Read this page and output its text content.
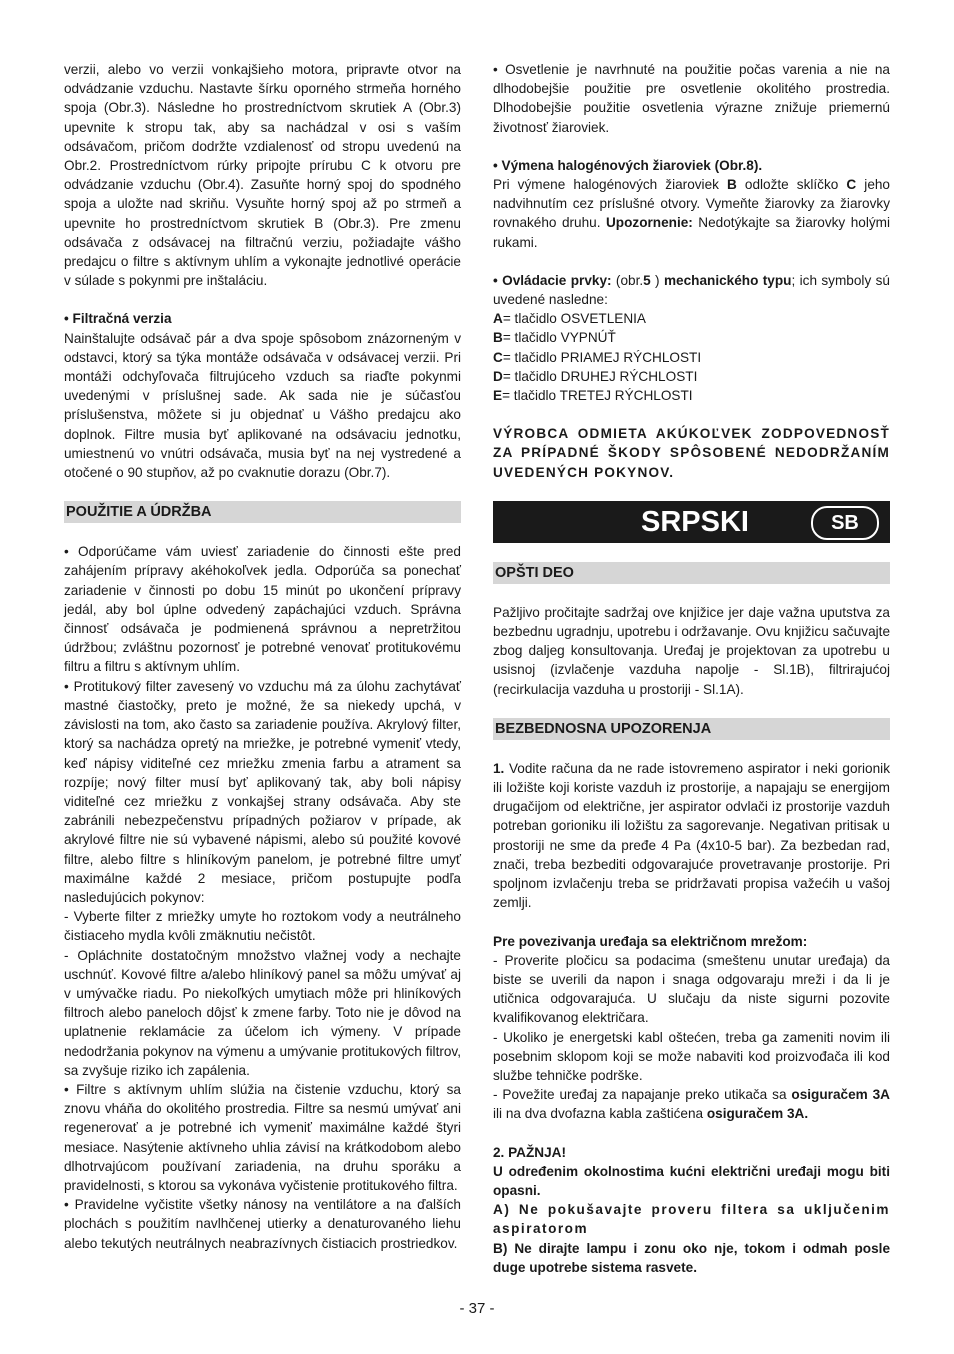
verzii, alebo vo verzii vonkajšieho motora, pripravte otvor na odvádzanie vzduchu. Nastavte šírku oporného strmeňa horného spoja (Obr.3). Následne ho prostredníctvom skrutiek A (Obr.3) upevnite k stropu tak, aby sa nachádzal v osi s vaším odsávačom, pričom dodržte vzdialenosť od stropu uvedenú na Obr.2. Prostredníctvom rúrky pripojte prírubu C k otvoru pre odvádzanie vzduchu (Obr.4). Zasuňte horný spoj do spodného spoja a uložte nad skriňu. Vysuňte horný spoj až po strmeň a upevnite ho prostredníctvom skrutiek B (Obr.3). Pre zmenu odsávača z odsávacej na filtračnú verziu, požiadajte vášho predajcu o filtre s aktívnym uhlím a vykonajte jednotlivé operácie v súlade s pokynmi pre inštaláciu.

• Filtračná verzia

Nainštalujte odsávač pár a dva spoje spôsobom znázorneným v odstavci, ktorý sa týka montáže odsávača v odsávacej verzii. Pri montáži odchyľovača filtrujúceho vzduch sa riaďte pokynmi uvedenými v príslušnej sade. Ak sada nie je súčasťou príslušenstva, môžete si ju objednať u Vášho predajcu ako doplnok. Filtre musia byť aplikované na odsávaciu jednotku, umiestnenú vo vnútri odsávača, musia byť na nej vystredené a otočené o 90 stupňov, až po cvaknutie dorazu (Obr.7).

POUŽITIE A ÚDRŽBA

• Odporúčame vám uviesť zariadenie do činnosti ešte pred zahájením prípravy akéhokoľvek jedla. Odporúča sa ponechať zariadenie v činnosti po dobu 15 minút po ukončení prípravy jedál, aby bol úplne odvedený zapáchajúci vzduch. Správna činnosť odsávača je podmienená správnou a nepretržitou údržbou; zvláštnu pozornosť je potrebné venovať protitukovému filtru a filtru s aktívnym uhlím.

• Protitukový filter zavesený vo vzduchu má za úlohu zachytávať mastné čiastočky, preto je možné, že sa niekedy upchá, v závislosti na tom, ako často sa zariadenie používa. Akrylový filter, ktorý sa nachádza opretý na mriežke, je potrebné vymeniť vtedy, keď nápisy viditeľné cez mriežku zmenia farbu a atrament sa rozpíje; nový filter musí byť aplikovaný tak, aby boli nápisy viditeľné cez mriežku z vonkajšej strany odsávača. Aby ste zabránili nebezpečenstvu prípadných požiarov v prípade, ak akrylové filtre nie sú vybavené nápismi, alebo sú použité kovové filtre, alebo filtre s hliníkovým panelom, je potrebné filtre umyť maximálne každé 2 mesiace, pričom postupujte podľa nasledujúcich pokynov:

- Vyberte filter z mriežky umyte ho roztokom vody a neutrálneho čistiaceho mydla kvôli zmäknutiu nečistôt.

- Opláchnite dostatočným množstvo vlažnej vody a nechajte uschnúť. Kovové filtre a/alebo hliníkový panel sa môžu umývať aj v umývačke riadu. Po niekoľkých umytiach môže pri hliníkových filtroch alebo paneloch dôjsť k zmene farby. Toto nie je dôvod na uplatnenie reklamácie za účelom ich výmeny. V prípade nedodržania pokynov na výmenu a umývanie protitukových filtrov, sa zvyšuje riziko ich zapálenia.

• Filtre s aktívnym uhlím slúžia na čistenie vzduchu, ktorý sa znovu vháňa do okolitého prostredia. Filtre sa nesmú umývať ani regenerovať a je potrebné ich vymeniť maximálne každé štyri mesiace. Nasýtenie aktívneho uhlia závisí na krátkodobom alebo dlhotrvajúcom používaní zariadenia, na druhu sporáku a pravidelnosti, s ktorou sa vykonáva vyčistenie protitukového filtra.

• Pravidelne vyčistite všetky nánosy na ventilátore a na ďalších plochách s použitím navlhčenej utierky a denaturovaného liehu alebo tekutých neutrálnych neabrazívnych čistiacich prostriedkov.

• Osvetlenie je navrhnuté na použitie počas varenia a nie na dlhodobejšie použitie pre osvetlenie okolitého prostredia. Dlhodobejšie použitie osvetlenia výrazne znižuje priemernú životnosť žiaroviek.

• Výmena halogénových žiaroviek (Obr.8).

Pri výmene halogénových žiaroviek B odložte sklíčko C jeho nadvihnutím cez príslušné otvory. Vymeňte žiarovky za žiarovky rovnakého druhu. Upozornenie: Nedotýkajte sa žiarovky holými rukami.

• Ovládacie prvky: (obr.5 ) mechanického typu; ich symboly sú uvedené nasledne:

A= tlačidlo OSVETLENIA

B= tlačidlo VYPNÚŤ

C= tlačidlo PRIAMEJ RÝCHLOSTI

D= tlačidlo DRUHEJ RÝCHLOSTI

E= tlačidlo TRETEJ RÝCHLOSTI

VÝROBCA ODMIETA AKÚKOĽVEK ZODPOVEDNOSŤ ZA PRÍPADNÉ ŠKODY SPÔSOBENÉ NEDODRŽANÍM UVEDENÝCH POKYNOV.

SRPSKI	SB
OPŠTI DEO

Pažljivo pročitajte sadržaj ove knjižice jer daje važna uputstva za bezbednu ugradnju, upotrebu i održavanje. Ovu knjižicu sačuvajte zbog daljeg konsultovanja. Uređaj je projektovan za upotrebu u usisnoj (izvlačenje vazduha napolje - Sl.1B), filtrirajućoj (recirkulacija vazduha u prostoriji - Sl.1A).

BEZBEDNOSNA UPOZORENJA

1. Vodite računa da ne rade istovremeno aspirator i neki gorionik ili ložište koji koriste vazduh iz prostorije, a napajaju se energijom drugačijom od električne, jer aspirator odvlači iz prostorije vazduh potreban gorioniku ili ložištu za sagorevanje. Negativan pritisak u prostoriji ne sme da pređe 4 Pa (4x10-5 bar). Za bezbedan rad, znači, treba bezbediti odgovarajuće provetravanje prostorije. Pri spoljnom izvlačenju treba se pridržavati propisa važećih u vašoj zemlji.

Pre povezivanja uređaja sa električnom mrežom:

- Proverite pločicu sa podacima (smeštenu unutar uređaja) da biste se uverili da napon i snaga odgovaraju mreži i da li je utičnica odgovarajuća. U slučaju da niste sigurni pozovite kvalifikovanog električara.

- Ukoliko je energetski kabl oštećen, treba ga zameniti novim ili posebnim sklopom koji se može nabaviti kod proizvođača ili kod službe tehničke podrške.

- Povežite uređaj za napajanje preko utikača sa osiguračem 3A ili na dva dvofazna kabla zaštićena osiguračem 3A.

2. PAŽNJA!

U određenim okolnostima kućni električni uređaji mogu biti opasni.

A) Ne pokušavajte proveru filtera sa uključenim aspiratorom

B) Ne dirajte lampu i zonu oko nje, tokom i odmah posle duge upotrebe sistema rasvete.

- 37 -
